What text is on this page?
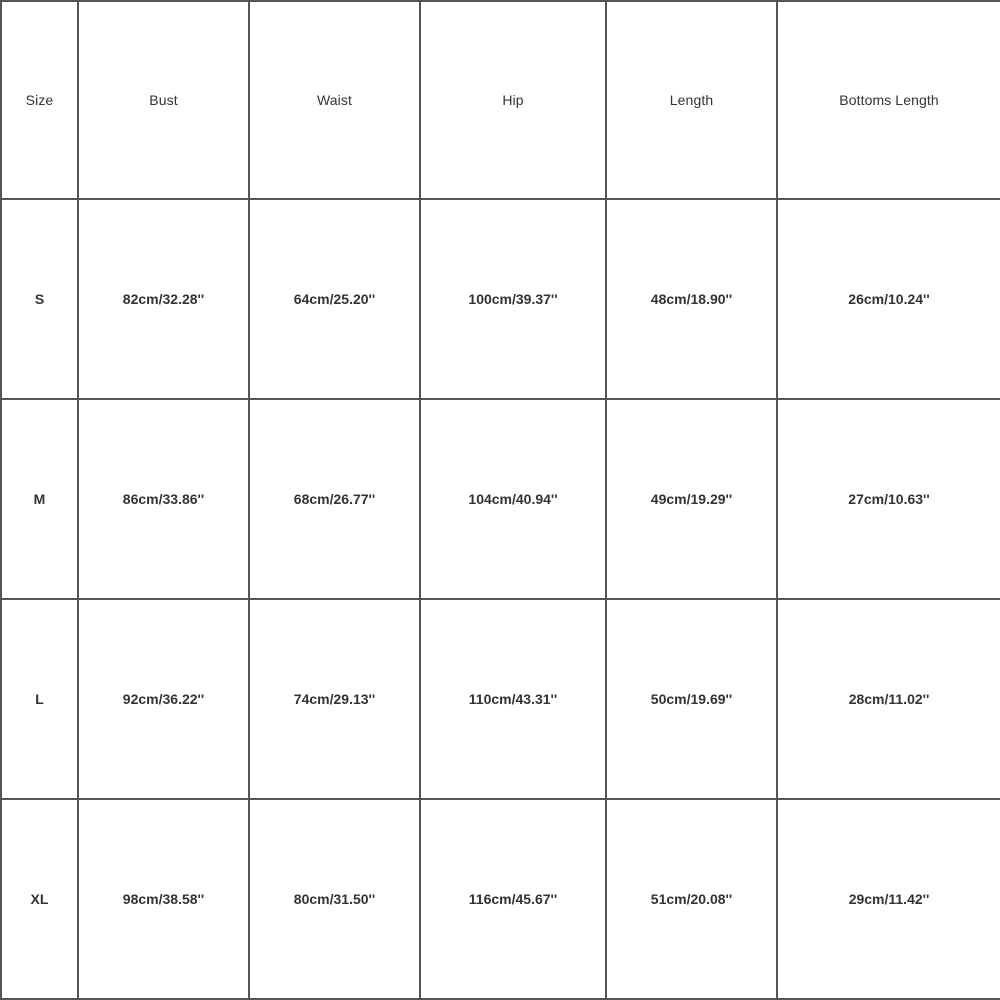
Size	Bust	Waist	Hip	Length	Bottoms Length
S	82cm/32.28''	64cm/25.20''	100cm/39.37''	48cm/18.90''	26cm/10.24''
M	86cm/33.86''	68cm/26.77''	104cm/40.94''	49cm/19.29''	27cm/10.63''
L	92cm/36.22''	74cm/29.13''	110cm/43.31''	50cm/19.69''	28cm/11.02''
XL	98cm/38.58''	80cm/31.50''	116cm/45.67''	51cm/20.08''	29cm/11.42''
